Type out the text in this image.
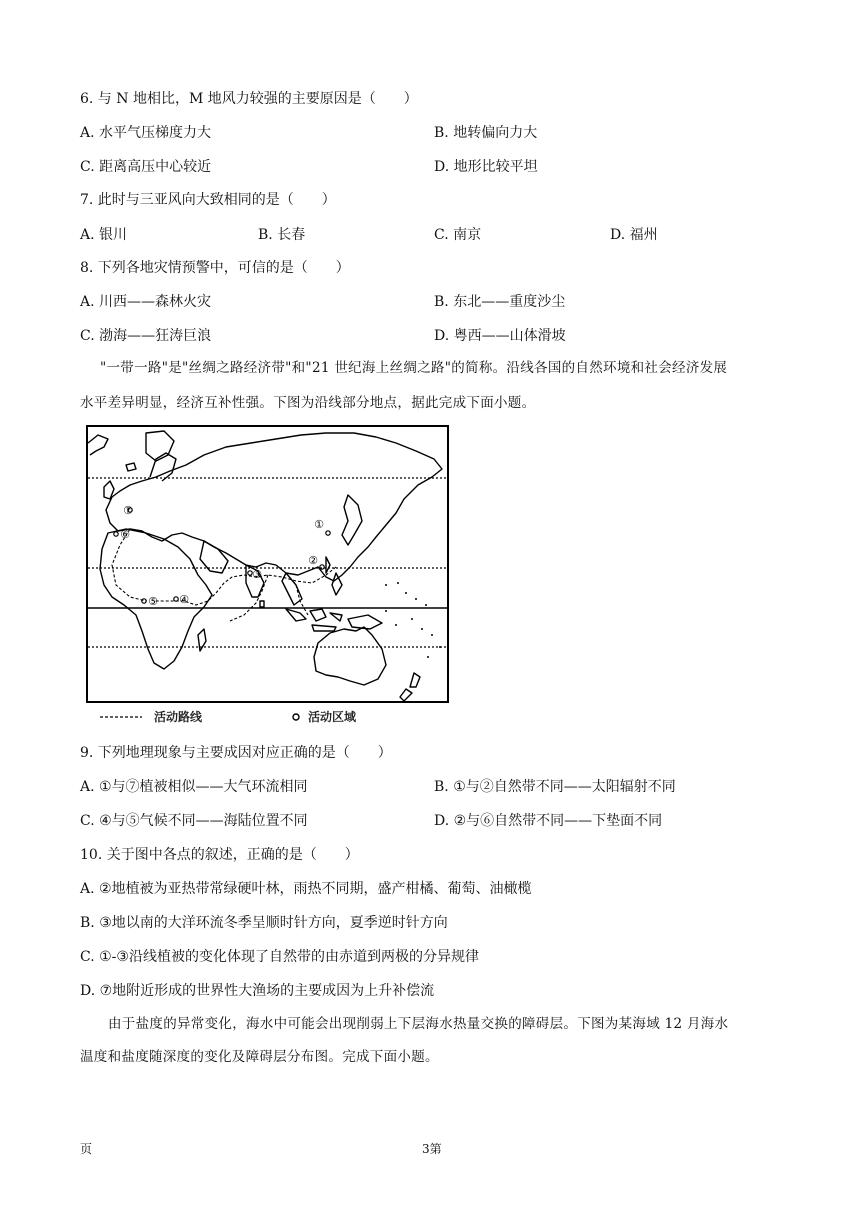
6. 与 N 地相比，M 地风力较强的主要原因是（　　）
A. 水平气压梯度力大	B. 地转偏向力大
C. 距离高压中心较近	D. 地形比较平坦
7. 此时与三亚风向大致相同的是（　　）
A. 银川	B. 长春	C. 南京	D. 福州
8. 下列各地灾情预警中，可信的是（　　）
A. 川西——森林火灾	B. 东北——重度沙尘
C. 渤海——狂涛巨浪	D. 粤西——山体滑坡
"一带一路"是"丝绸之路经济带"和"21 世纪海上丝绸之路"的简称。沿线各国的自然环境和社会经济发展
水平差异明显，经济互补性强。下图为沿线部分地点，据此完成下面小题。
⑦
⑥
①
②
③
④
⑤
活动路线	活动区域
9. 下列地理现象与主要成因对应正确的是（　　）
A. ①与⑦植被相似——大气环流相同	B. ①与②自然带不同——太阳辐射不同
C. ④与⑤气候不同——海陆位置不同	D. ②与⑥自然带不同——下垫面不同
10. 关于图中各点的叙述，正确的是（　　）
A. ②地植被为亚热带常绿硬叶林，雨热不同期，盛产柑橘、葡萄、油橄榄
B. ③地以南的大洋环流冬季呈顺时针方向，夏季逆时针方向
C. ①-③沿线植被的变化体现了自然带的由赤道到两极的分异规律
D. ⑦地附近形成的世界性大渔场的主要成因为上升补偿流
由于盐度的异常变化，海水中可能会出现削弱上下层海水热量交换的障碍层。下图为某海域 12 月海水
温度和盐度随深度的变化及障碍层分布图。完成下面小题。
页	3第
